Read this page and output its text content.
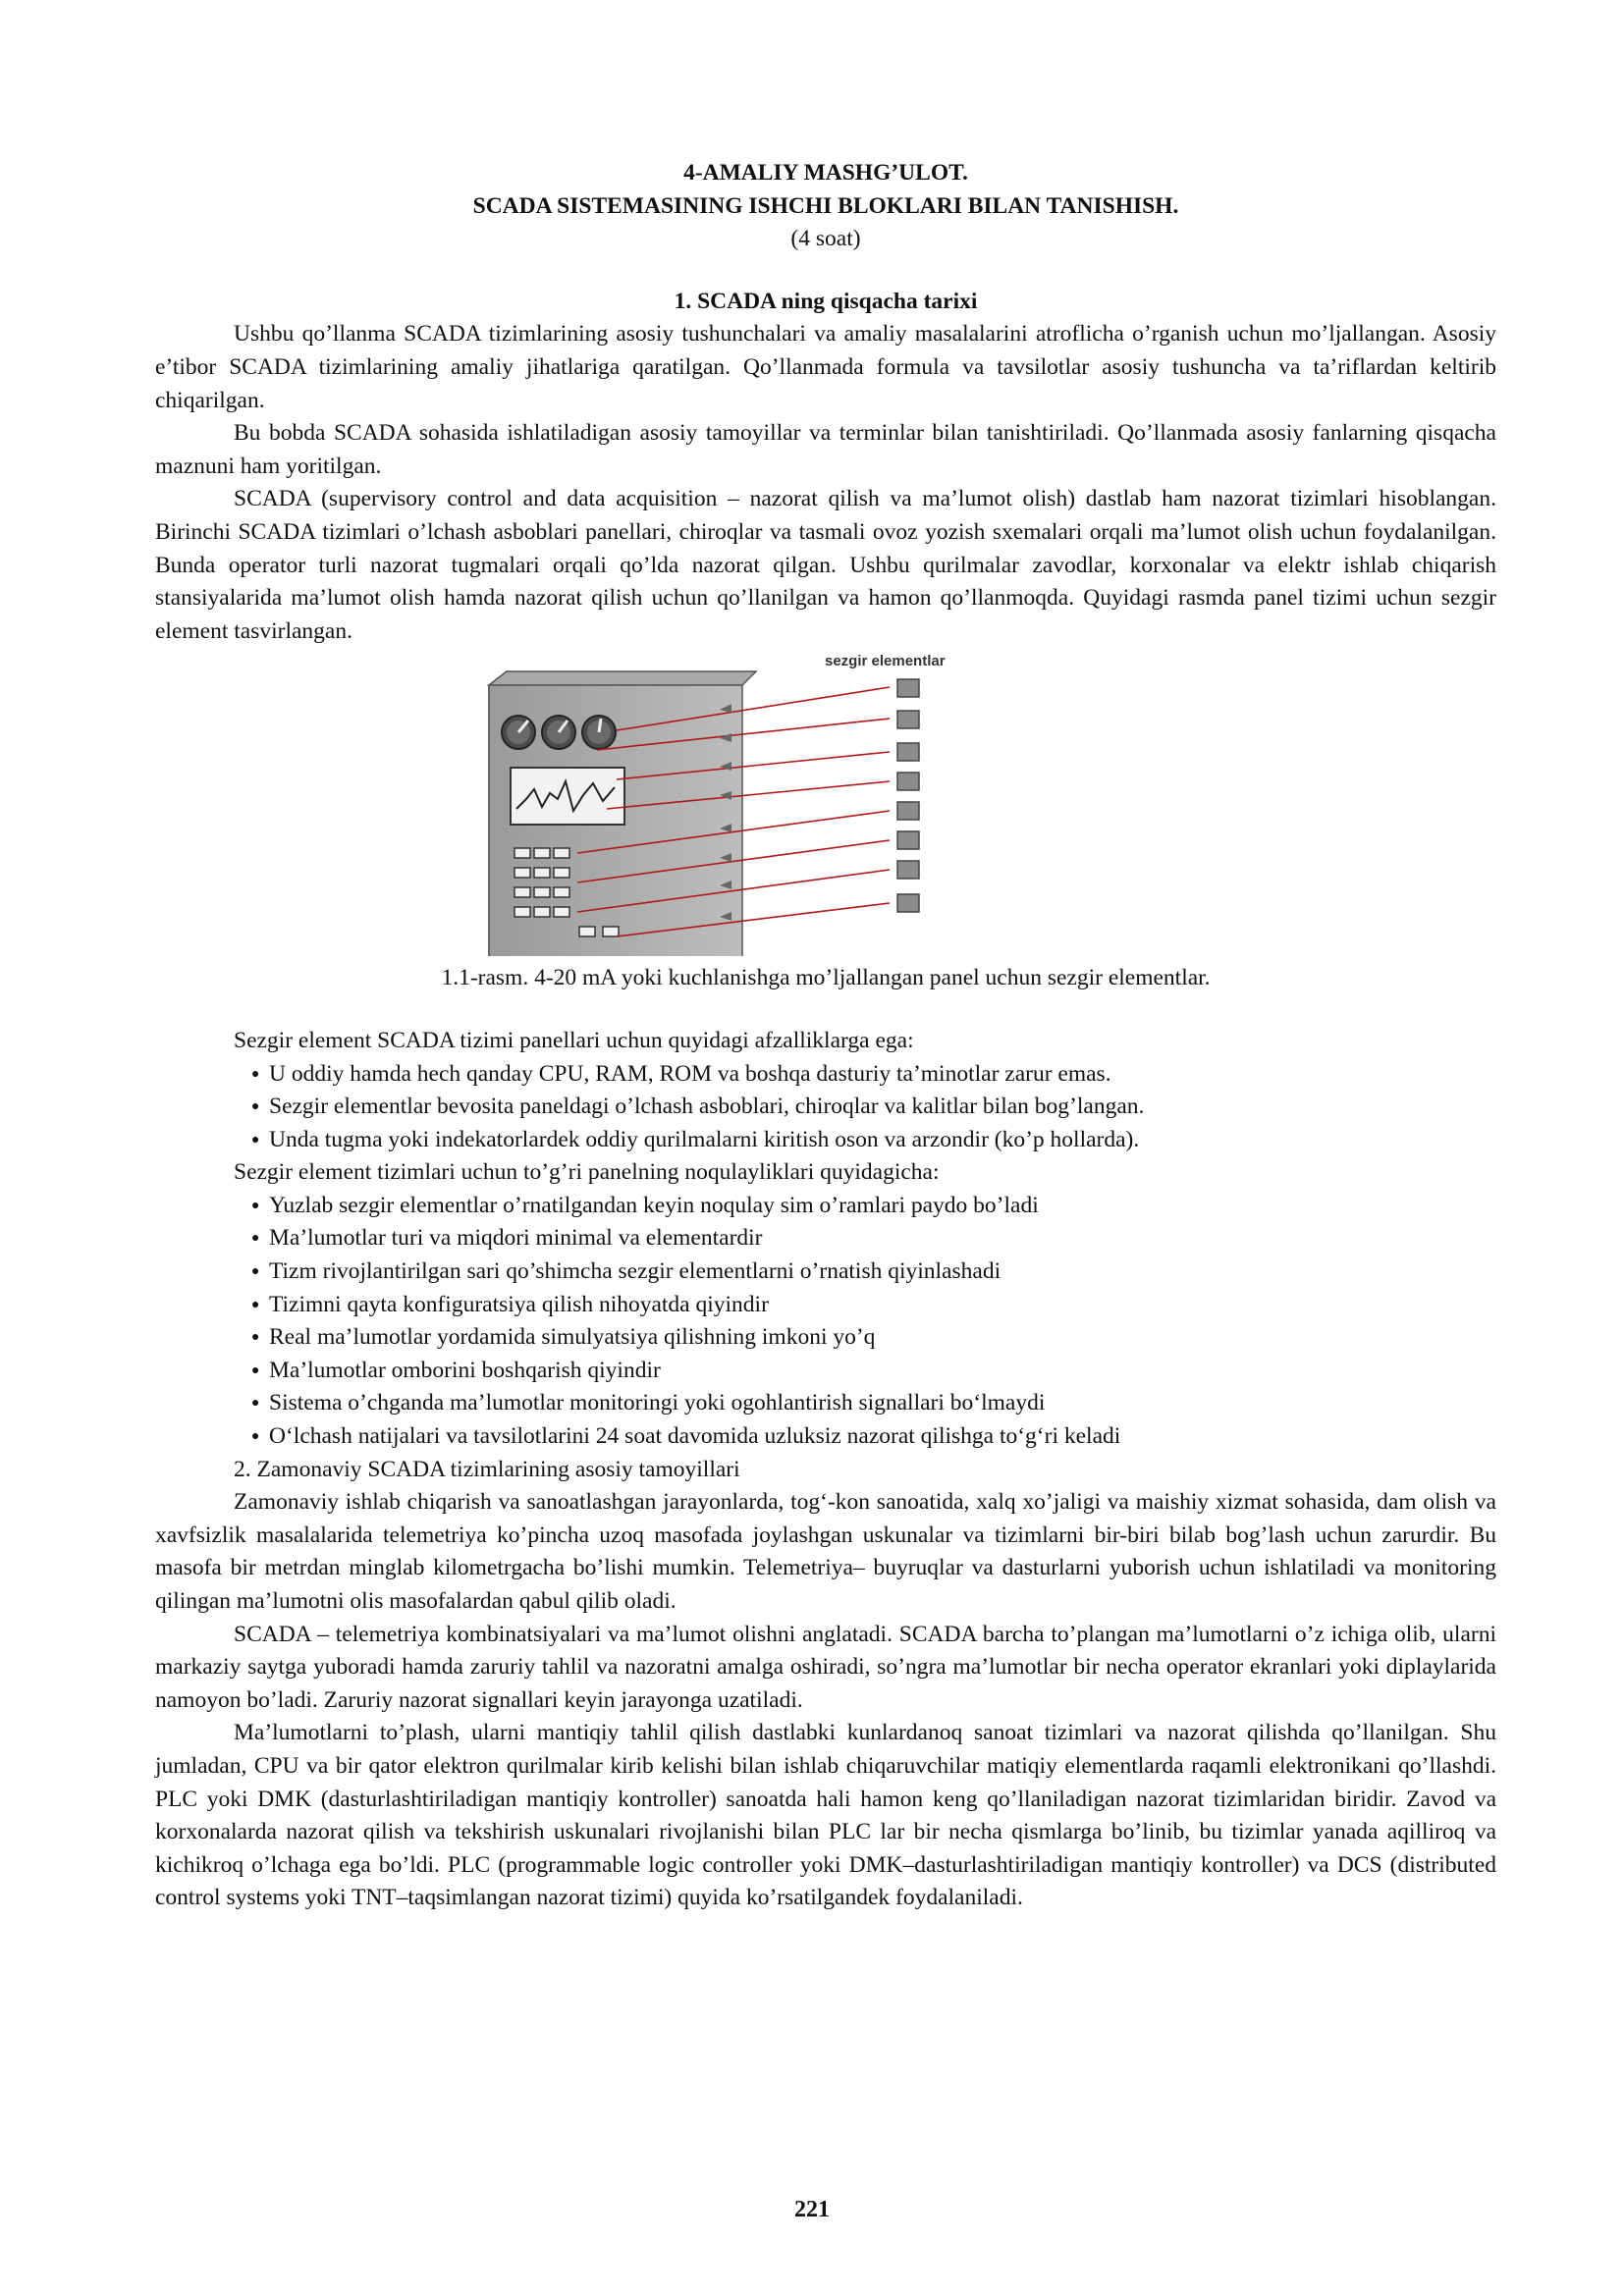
4-AMALIY MASHG’ULOT.

SCADA SISTEMASINING ISHCHI BLOKLARI BILAN TANISHISH.

(4 soat)

1. SCADA ning qisqacha tarixi

Ushbu qo’llanma SCADA tizimlarining asosiy tushunchalari va amaliy masalalarini atroflicha o’rganish uchun mo’ljallangan. Asosiy e’tibor SCADA tizimlarining amaliy jihatlariga qaratilgan. Qo’llanmada formula va tavsilotlar asosiy tushuncha va ta’riflardan keltirib chiqarilgan.

Bu bobda SCADA sohasida ishlatiladigan asosiy tamoyillar va terminlar bilan tanishtiriladi. Qo’llanmada asosiy fanlarning qisqacha maznuni ham yoritilgan.

SCADA (supervisory control and data acquisition – nazorat qilish va ma’lumot olish) dastlab ham nazorat tizimlari hisoblangan. Birinchi SCADA tizimlari o’lchash asboblari panellari, chiroqlar va tasmali ovoz yozish sxemalari orqali ma’lumot olish uchun foydalanilgan. Bunda operator turli nazorat tugmalari orqali qo’lda nazorat qilgan. Ushbu qurilmalar zavodlar, korxonalar va elektr ishlab chiqarish stansiyalarida ma’lumot olish hamda nazorat qilish uchun qo’llanilgan va hamon qo’llanmoqda. Quyidagi rasmda panel tizimi uchun sezgir element tasvirlangan.

sezgir elementlar

1.1-rasm. 4-20 mA yoki kuchlanishga mo’ljallangan panel uchun sezgir elementlar.

Sezgir element SCADA tizimi panellari uchun quyidagi afzalliklarga ega:

● U oddiy hamda hech qanday CPU, RAM, ROM va boshqa dasturiy ta’minotlar zarur emas.
● Sezgir elementlar bevosita paneldagi o’lchash asboblari, chiroqlar va kalitlar bilan bog’langan.
● Unda tugma yoki indekatorlardek oddiy qurilmalarni kiritish oson va arzondir (ko’p hollarda).

Sezgir element tizimlari uchun to’g’ri panelning noqulayliklari quyidagicha:

● Yuzlab sezgir elementlar o’rnatilgandan keyin noqulay sim o’ramlari paydo bo’ladi
● Ma’lumotlar turi va miqdori minimal va elementardir
● Tizm rivojlantirilgan sari qo’shimcha sezgir elementlarni o’rnatish qiyinlashadi
● Tizimni qayta konfiguratsiya qilish nihoyatda qiyindir
● Real ma’lumotlar yordamida simulyatsiya qilishning imkoni yo’q
● Ma’lumotlar omborini boshqarish qiyindir
● Sistema o’chganda ma’lumotlar monitoringi yoki ogohlantirish signallari bo‘lmaydi
● O‘lchash natijalari va tavsilotlarini 24 soat davomida uzluksiz nazorat qilishga to‘g‘ri keladi

2. Zamonaviy SCADA tizimlarining asosiy tamoyillari

Zamonaviy ishlab chiqarish va sanoatlashgan jarayonlarda, tog‘-kon sanoatida, xalq xo’jaligi va maishiy xizmat sohasida, dam olish va xavfsizlik masalalarida telemetriya ko’pincha uzoq masofada joylashgan uskunalar va tizimlarni bir-biri bilab bog’lash uchun zarurdir. Bu masofa bir metrdan minglab kilometrgacha bo’lishi mumkin. Telemetriya– buyruqlar va dasturlarni yuborish uchun ishlatiladi va monitoring qilingan ma’lumotni olis masofalardan qabul qilib oladi.

SCADA – telemetriya kombinatsiyalari va ma’lumot olishni anglatadi. SCADA barcha to’plangan ma’lumotlarni o’z ichiga olib, ularni markaziy saytga yuboradi hamda zaruriy tahlil va nazoratni amalga oshiradi, so’ngra ma’lumotlar bir necha operator ekranlari yoki diplaylarida namoyon bo’ladi. Zaruriy nazorat signallari keyin jarayonga uzatiladi.

Ma’lumotlarni to’plash, ularni mantiqiy tahlil qilish dastlabki kunlardanoq sanoat tizimlari va nazorat qilishda qo’llanilgan. Shu jumladan, CPU va bir qator elektron qurilmalar kirib kelishi bilan ishlab chiqaruvchilar matiqiy elementlarda raqamli elektronikani qo’llashdi. PLC yoki DMK (dasturlashtiriladigan mantiqiy kontroller) sanoatda hali hamon keng qo’llaniladigan nazorat tizimlaridan biridir. Zavod va korxonalarda nazorat qilish va tekshirish uskunalari rivojlanishi bilan PLC lar bir necha qismlarga bo’linib, bu tizimlar yanada aqilliroq va kichikroq o’lchaga ega bo’ldi. PLC (programmable logic controller yoki DMK–dasturlashtiriladigan mantiqiy kontroller) va DCS (distributed control systems yoki TNT–taqsimlangan nazorat tizimi) quyida ko’rsatilgandek foydalaniladi.

221
